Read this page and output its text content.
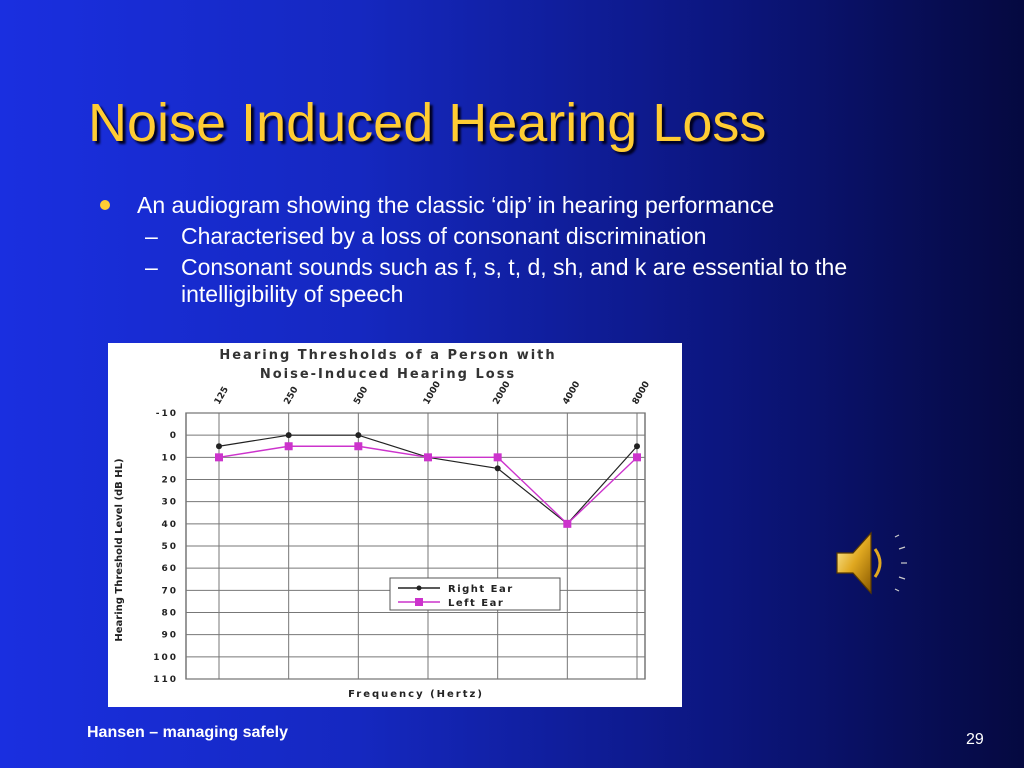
Noise Induced Hearing Loss
An audiogram showing the classic ‘dip’ in hearing performance
– Characterised by a loss of consonant discrimination
– Consonant sounds such as f, s, t, d, sh, and k are essential to the intelligibility of speech
Hearing Thresholds of a Person with
Noise-Induced Hearing Loss
-10
0
10
20
30
40
50
60
70
80
90
100
110
125	250	500	1000	2000	4000	8000
Hearing Threshold Level (dB HL)
Frequency (Hertz)
Right Ear
Left Ear
Hansen – managing safely	29
